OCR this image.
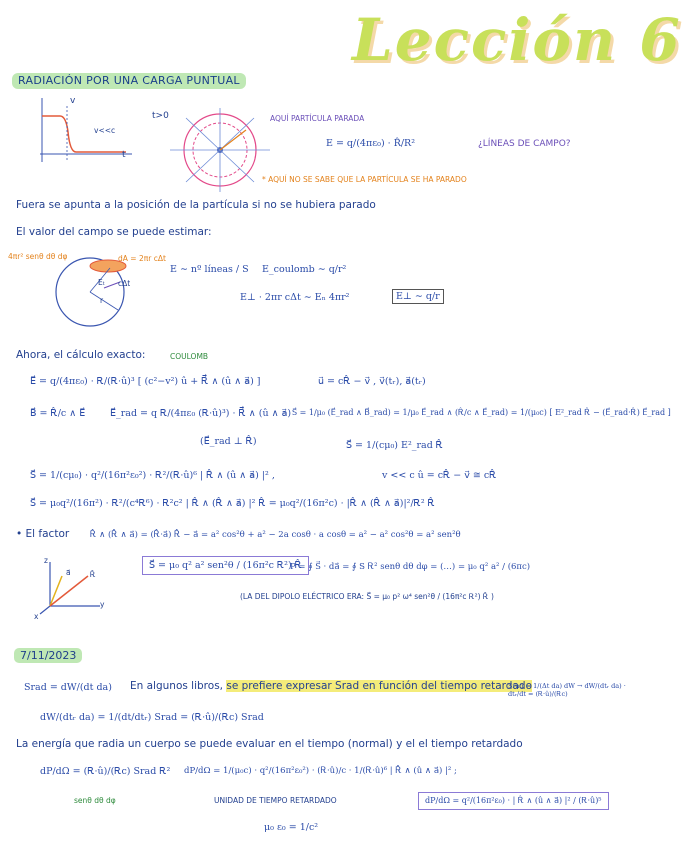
Lección 6
RADIACIÓN POR UNA CARGA PUNTUAL
v
t
v<<c
t>0	AQUÍ PARTÍCULA PARADA
* AQUÍ NO SE SABE QUE LA PARTÍCULA SE HA PARADO
E = q/(4πε₀) · R̂/R²	¿LÍNEAS DE CAMPO?
Fuera se apunta a la posición de la partícula si no se hubiera parado
El valor del campo se puede estimar:
4πr² senθ dθ dφ	dA = 2πr cΔt
cΔt
Eₜ
r
E ∼ nº líneas / S E_coulomb ∼ q/r²
E⊥ · 2πr cΔt ∼ Eₙ 4πr²	E⊥ ∼ q/r
Ahora, el cálculo exacto:	COULOMB
E⃗ = q/(4πε₀) · Ꭱ/(Ꭱ·û)³ [ (c²−v²) û + Ꭱ⃗ ∧ (û ∧ a⃗) ]	u⃗ = cᎡ̂ − v⃗ , v⃗(tᵣ), a⃗(tᵣ)
B⃗ = Ꭱ̂/c ∧ E⃗	E⃗_rad = q Ꭱ/(4πε₀ (Ꭱ·û)³) · Ꭱ⃗ ∧ (û ∧ a⃗) S⃗ = 1/μ₀ (E⃗_rad ∧ B⃗_rad) = 1/μ₀ E⃗_rad ∧ (Ꭱ̂/c ∧ E⃗_rad) = 1/(μ₀c) [ E²_rad Ꭱ̂ − (E⃗_rad·Ꭱ̂) E⃗_rad ]
(E⃗_rad ⊥ Ꭱ̂)	S⃗ = 1/(cμ₀) E²_rad Ꭱ̂
S⃗ = 1/(cμ₀) · q²/(16π²ε₀²) · Ꭱ²/(Ꭱ·û)⁶ | Ꭱ̂ ∧ (û ∧ a⃗) |² ,	v << c û = cᎡ̂ − v⃗ ≅ cᎡ̂
S⃗ = μ₀q²/(16π²) · Ꭱ²/(c⁴Ꭱ⁶) · Ꭱ²c² | Ꭱ̂ ∧ (Ꭱ̂ ∧ a⃗) |² Ꭱ̂ = μ₀q²/(16π²c) · |Ꭱ̂ ∧ (Ꭱ̂ ∧ a⃗)|²/Ꭱ² Ꭱ̂
• El factor Ꭱ̂ ∧ (Ꭱ̂ ∧ a⃗) = (Ꭱ̂·a⃗) Ꭱ̂ − a⃗ = a² cos²θ + a² − 2a cosθ · a cosθ = a² − a² cos²θ = a² sen²θ
z
y
x
a⃗	Ꭱ̂
S⃗ = μ₀ q² a² sen²θ / (16π²c Ꭱ²) Ꭱ̂
P = ∮ S⃗ · da⃗ = ∮ S Ꭱ² senθ dθ dφ = (…) = μ₀ q² a² / (6πc)
(LA DEL DIPOLO ELÉCTRICO ERA: S⃗ = μ₀ p² ω⁴ sen²θ / (16π²c Ꭱ²) Ꭱ̂ )
7/11/2023
Srad = dW/(dt da) En algunos libros, se prefiere expresar Srad en función del tiempo retardado
Srad = 1/(Δt da) dW → dW/(dtᵣ da) · dtᵣ/dt = (Ꭱ·û)/(Ꭱc)
dW/(dtᵣ da) = 1/(dt/dtᵣ) Srad = (Ꭱ·û)/(Ꭱc) Srad
La energía que radia un cuerpo se puede evaluar en el tiempo (normal) y el el tiempo retardado
dP/dΩ = (Ꭱ·û)/(Ꭱc) Srad Ꭱ² dP/dΩ = 1/(μ₀c) · q²/(16π²ε₀²) · (Ꭱ·û)/c · 1/(Ꭱ·û)⁶ | Ꭱ̂ ∧ (û ∧ a⃗) |² ;
senθ dθ dφ	UNIDAD DE TIEMPO RETARDADO
μ₀ ε₀ = 1/c²
dP/dΩ = q²/(16π²ε₀) · | Ꭱ̂ ∧ (û ∧ a⃗) |² / (Ꭱ·û)⁵
